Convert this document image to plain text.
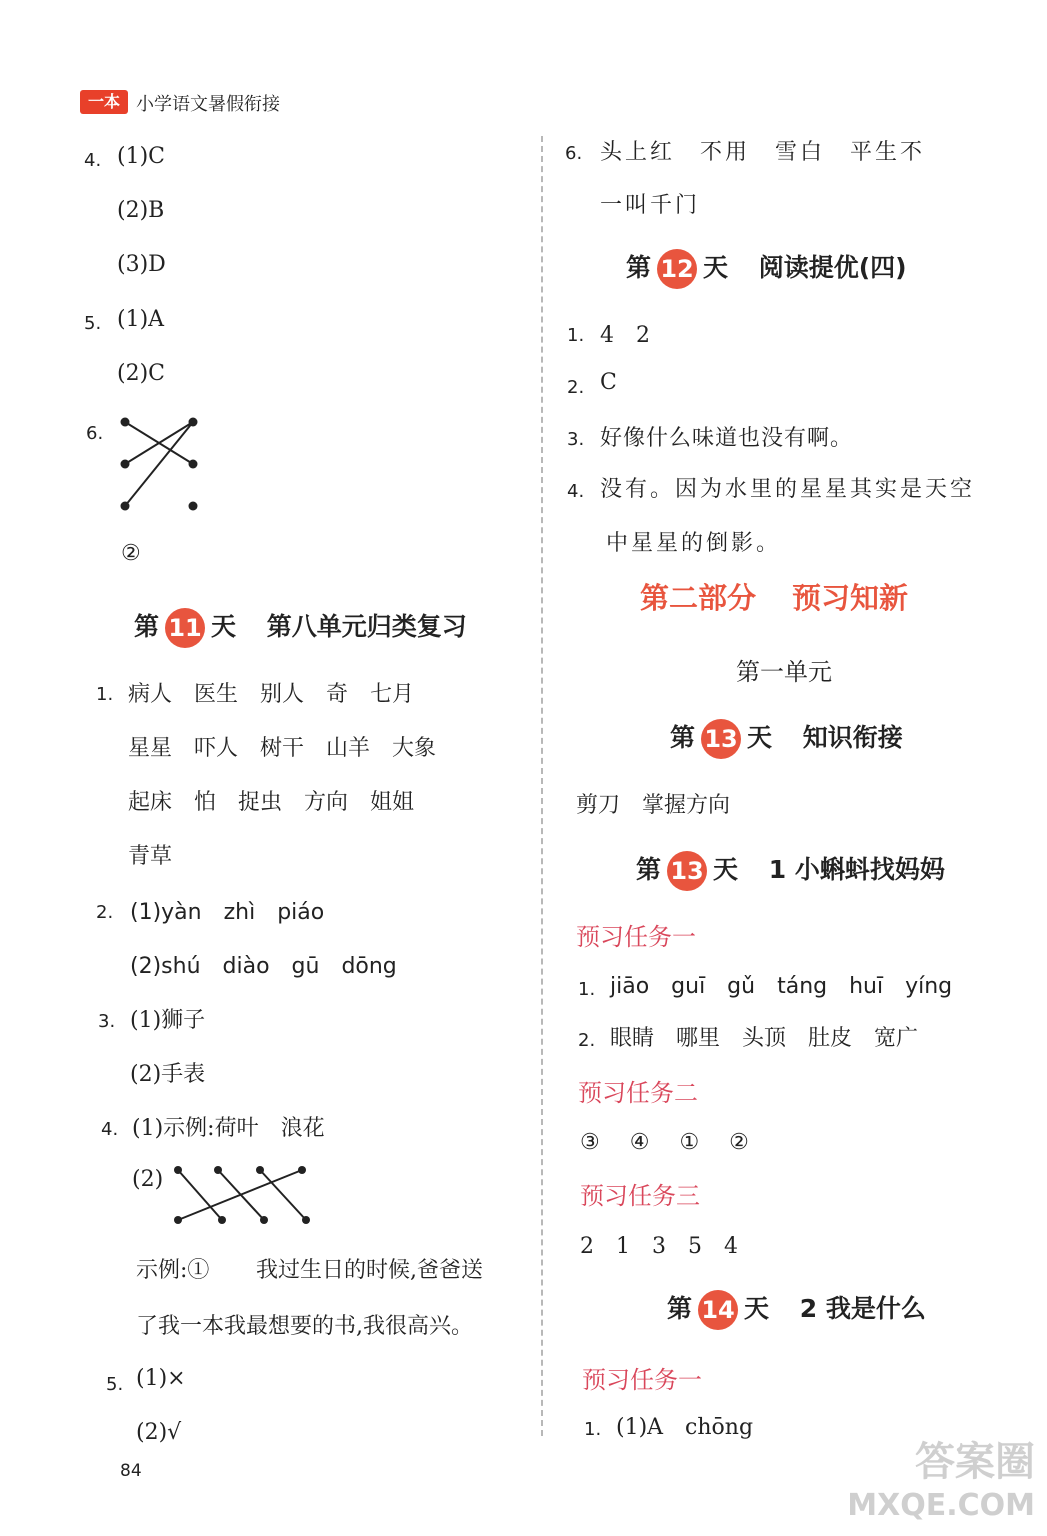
一本 小学语文暑假衔接
4. (1)C
(2)B
(3)D
5. (1)A
(2)C
6.
②
第 11 天 第八单元归类复习
1. 病人　医生　别人　奇　七月
星星　吓人　树干　山羊　大象
起床　怕　捉虫　方向　姐姐
青草
2. (1)yàn　zhì　piáo
(2)shú　diào　gū　dōng
3. (1)狮子
(2)手表
4. (1)示例:荷叶　浪花
(2)
示例:① 我过生日的时候,爸爸送
了我一本我最想要的书,我很高兴。
5. (1)×
(2)√
84
6. 头上红　不用　雪白　平生不
一叫千门
第 12 天 阅读提优(四)
1. 4　2
2. C
3. 好像什么味道也没有啊。
4. 没有。因为水里的星星其实是天空
中星星的倒影。
第二部分 预习知新
第一单元
第 13 天 知识衔接
剪刀　掌握方向
第 13 天 1 小蝌蚪找妈妈
预习任务一
1. jiāo　guī　gǔ　táng　huī　yíng
2. 眼睛　哪里　头顶　肚皮　宽广
预习任务二
③　④　①　②
预习任务三
2　1　3　5　4
第 14 天 2 我是什么
预习任务一
1. (1)A　chōng
答案圈
MXQE.COM
